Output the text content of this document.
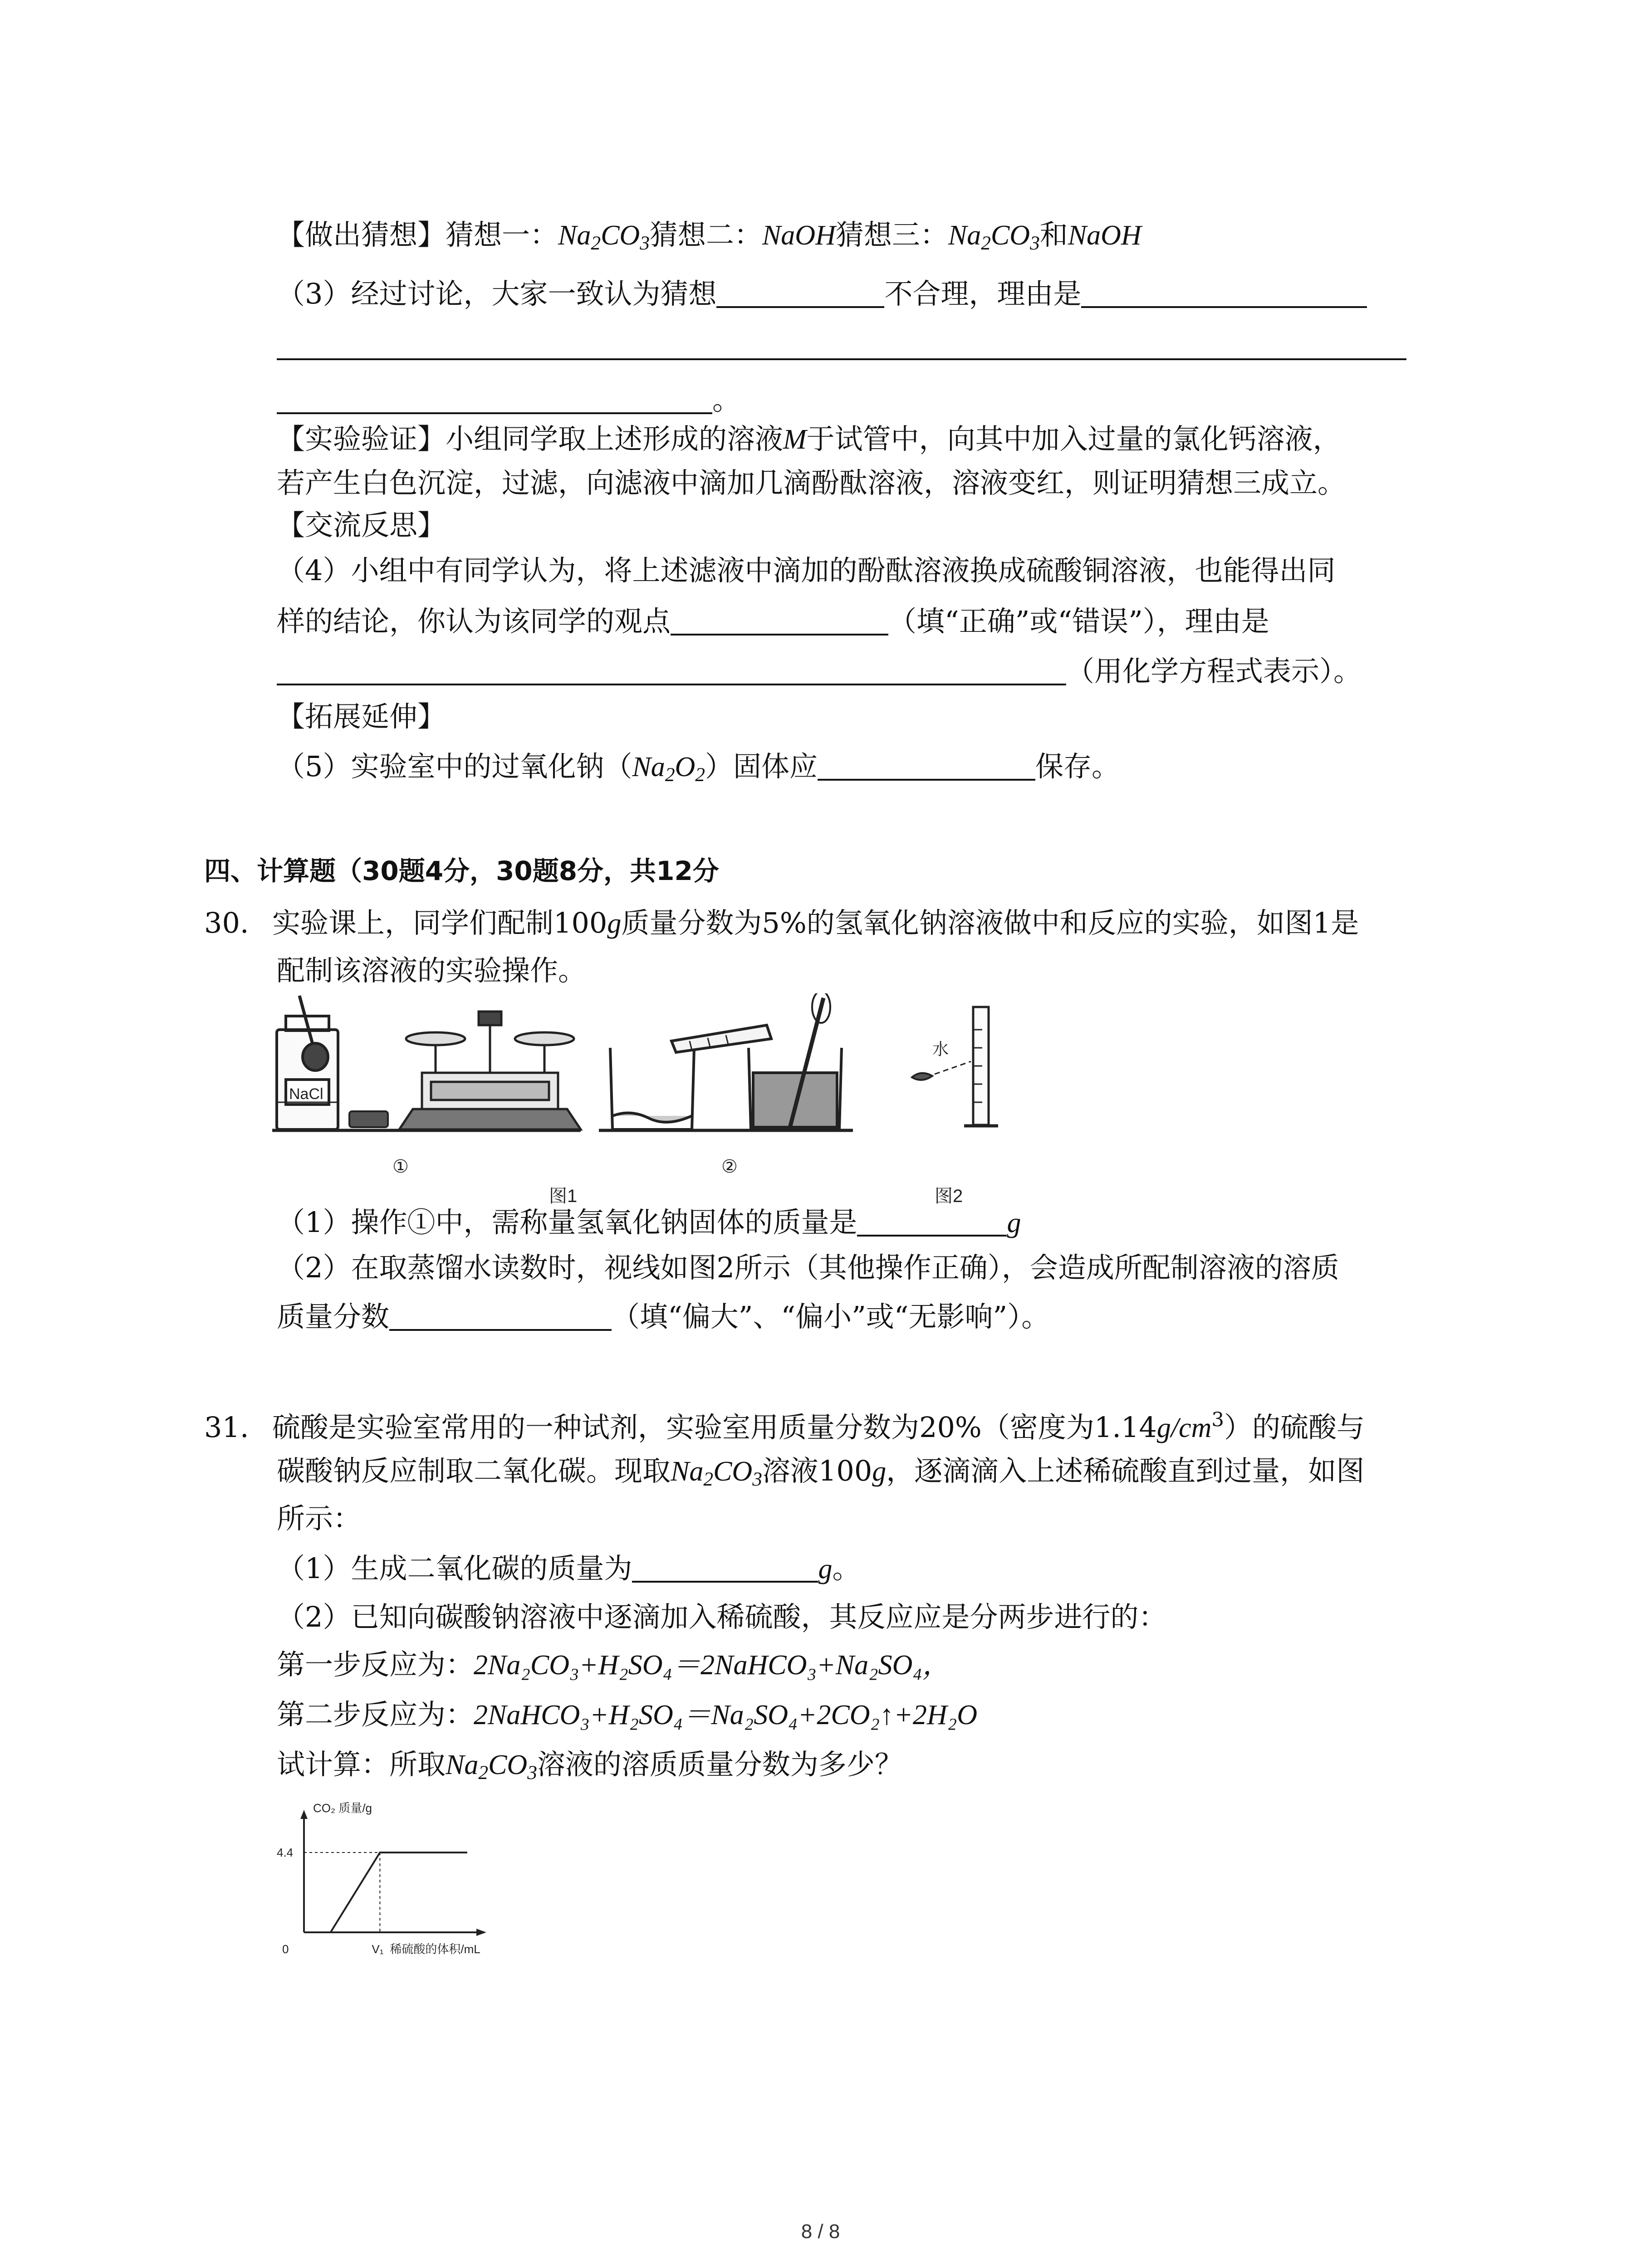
【做出猜想】猜想一：$Na_2CO_3$猜想二：NaOH猜想三：$Na_2CO_3$和NaOH
（3）经过讨论，大家一致认为猜想	不合理，理由是
。
【实验验证】小组同学取上述形成的溶液M于试管中，向其中加入过量的氯化钙溶液，
若产生白色沉淀，过滤，向滤液中滴加几滴酚酞溶液，溶液变红，则证明猜想三成立。
【交流反思】
（4）小组中有同学认为，将上述滤液中滴加的酚酞溶液换成硫酸铜溶液，也能得出同
样的结论，你认为该同学的观点	（填“正确”或“错误”），理由是
（用化学方程式表示）。
【拓展延伸】
（5）实验室中的过氧化钠$(Na_2O_2)$固体应	保存。
四、计算题（30题4分，30题8分，共12分
30. 实验课上，同学们配制100g质量分数为5%的氢氧化钠溶液做中和反应的实验，如图1是
配制该溶液的实验操作。
NaCl
①	②
水
图1	图2
（1）操作①中，需称量氢氧化钠固体的质量是	g
（2）在取蒸馏水读数时，视线如图2所示（其他操作正确），会造成所配制溶液的溶质
质量分数	（填“偏大”、“偏小”或“无影响”）。
31. 硫酸是实验室常用的一种试剂，实验室用质量分数为20%（密度为$1.14g/cm^3$）的硫酸与
碳酸钠反应制取二氧化碳。现取$Na_2CO_3$溶液100g，逐滴滴入上述稀硫酸直到过量，如图
所示：
（1）生成二氧化碳的质量为	g。
（2）已知向碳酸钠溶液中逐滴加入稀硫酸，其反应应是分两步进行的：
第一步反应为：2Na₂CO₃+H₂SO₄＝2NaHCO₃+Na₂SO₄，
第二步反应为：2NaHCO₃+H₂SO₄＝Na₂SO₄+2CO₂↑+2H₂O
试计算：所取$Na_2CO_3$溶液的溶质质量分数为多少？
CO₂ 质量/g
0
4.4
V₁ 稀硫酸的体积/mL
8 / 8
